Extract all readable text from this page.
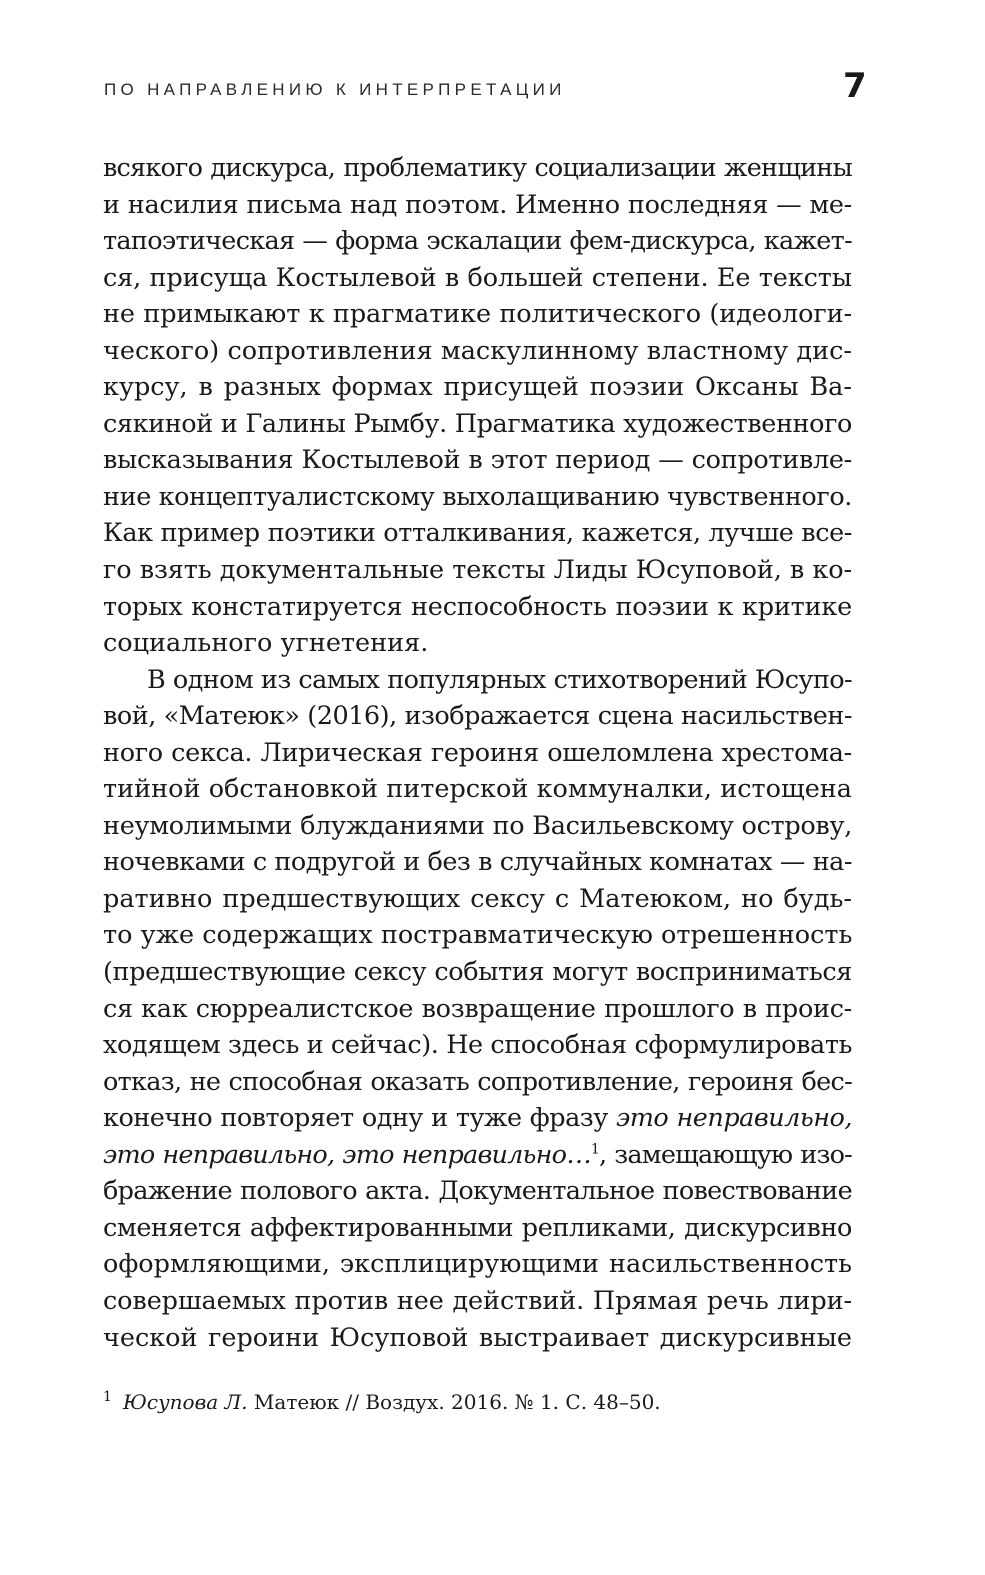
ПО НАПРАВЛЕНИЮ К ИНТЕРПРЕТАЦИИ	7
всякого дискурса, проблематику социализации женщины
и насилия письма над поэтом. Именно последняя — ме-
тапоэтическая — форма эскалации фем-дискурса, кажет-
ся, присуща Костылевой в большей степени. Ее тексты
не примыкают к прагматике политического (идеологи-
ческого) сопротивления маскулинному властному дис-
курсу, в разных формах присущей поэзии Оксаны Ва-
сякиной и Галины Рымбу. Прагматика художественного
высказывания Костылевой в этот период — сопротивле-
ние концептуалистскому выхолащиванию чувственного.
Как пример поэтики отталкивания, кажется, лучше все-
го взять документальные тексты Лиды Юсуповой, в ко-
торых констатируется неспособность поэзии к критике
социального угнетения.
В одном из самых популярных стихотворений Юсупо-
вой, «Матеюк» (2016), изображается сцена насильствен-
ного секса. Лирическая героиня ошеломлена хрестома-
тийной обстановкой питерской коммуналки, истощена
неумолимыми блужданиями по Васильевскому острову,
ночевками с подругой и без в случайных комнатах — на-
ративно предшествующих сексу с Матеюком, но будь-
то уже содержащих постравматическую отрешенность
(предшествующие сексу события могут восприниматься
ся как сюрреалистское возвращение прошлого в проис-
ходящем здесь и сейчас). Не способная сформулировать
отказ, не способная оказать сопротивление, героиня бес-
конечно повторяет одну и туже фразу это неправильно,
это неправильно, это неправильно…$^1$, замещающую изо-
бражение полового акта. Документальное повествование
сменяется аффектированными репликами, дискурсивно
оформляющими, эксплицирующими насильственность
совершаемых против нее действий. Прямая речь лири-
ческой героини Юсуповой выстраивает дискурсивные
1 Юсупова Л. Матеюк // Воздух. 2016. № 1. С. 48–50.
